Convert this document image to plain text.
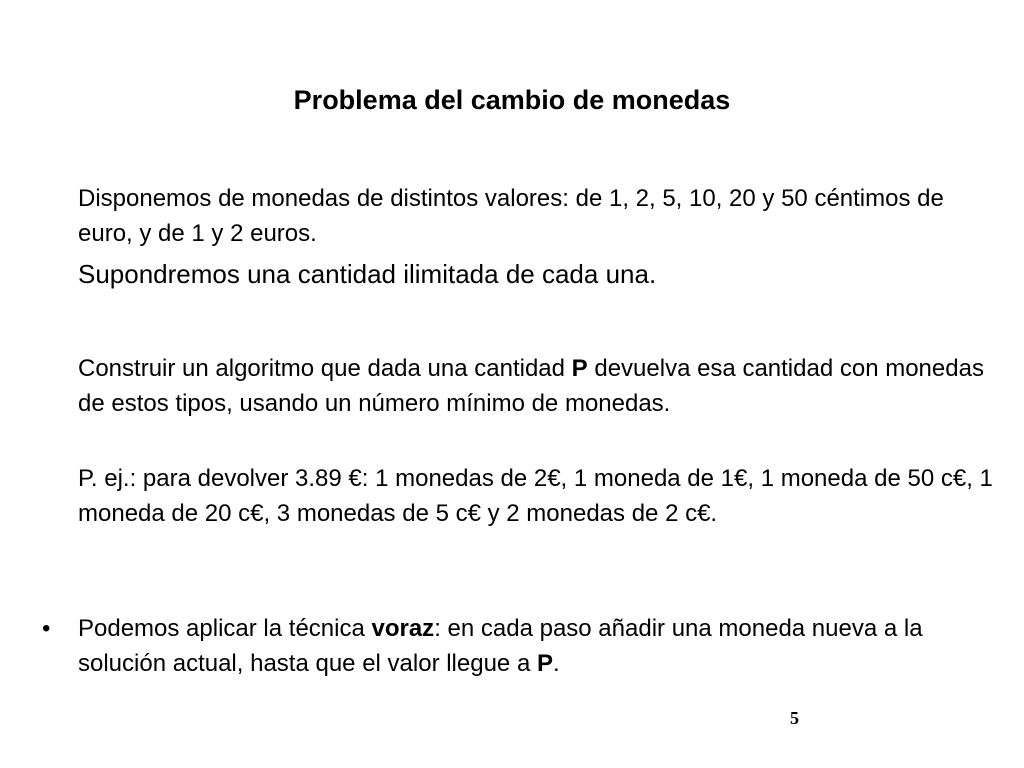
Problema del cambio de monedas

Disponemos de monedas de distintos valores: de 1, 2, 5, 10, 20 y 50 céntimos de euro, y de 1 y 2 euros.

Supondremos una cantidad ilimitada de cada una.

Construir un algoritmo que dada una cantidad P devuelva esa cantidad con monedas de estos tipos, usando un número mínimo de monedas.

P. ej.: para devolver 3.89 €: 1 monedas de 2€, 1 moneda de 1€, 1 moneda de 50 c€, 1 moneda de 20 c€, 3 monedas de 5 c€ y 2 monedas de 2 c€.

• Podemos aplicar la técnica voraz: en cada paso añadir una moneda nueva a la solución actual, hasta que el valor llegue a P.

5
